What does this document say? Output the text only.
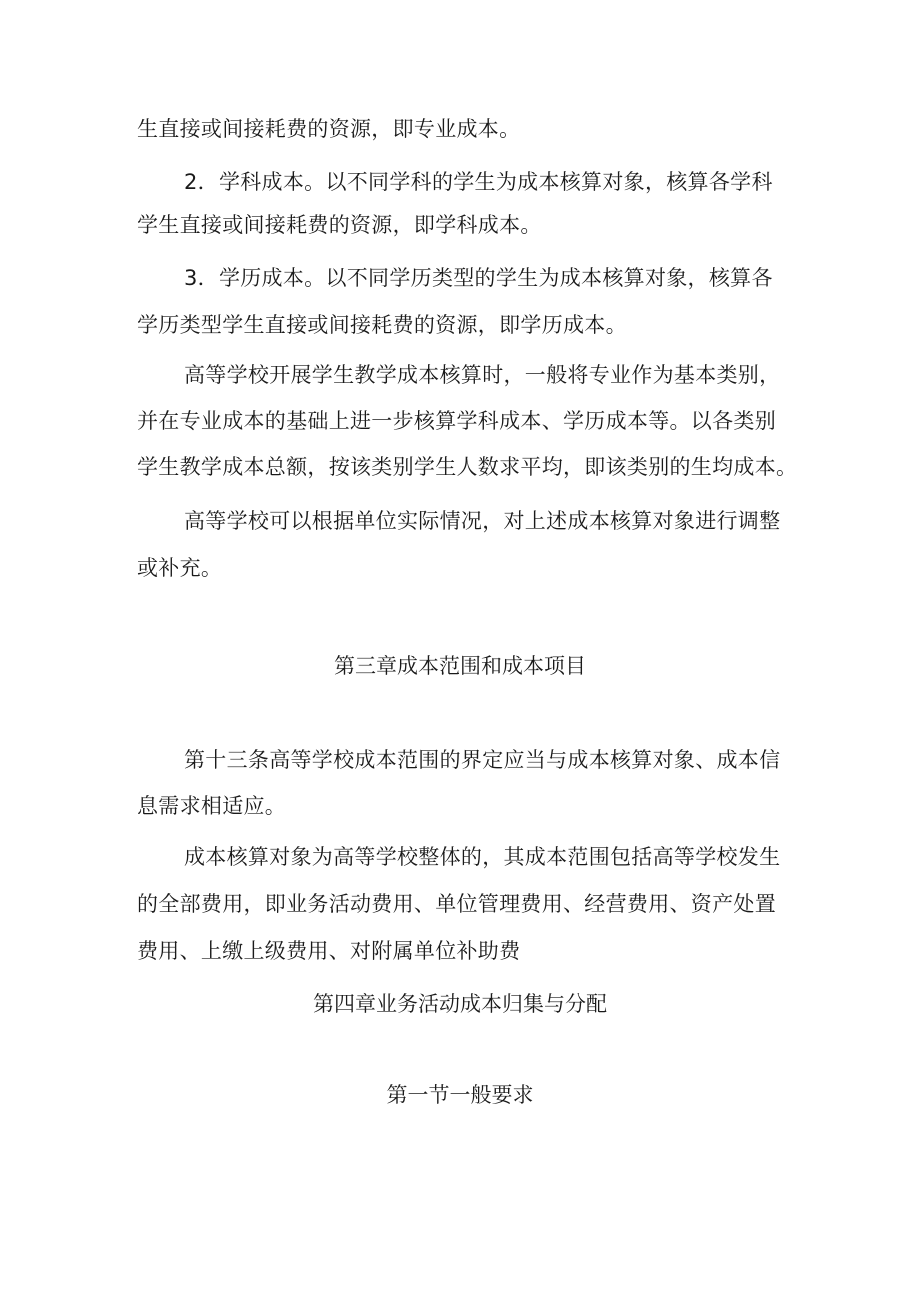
生直接或间接耗费的资源，即专业成本。
2．学科成本。以不同学科的学生为成本核算对象，核算各学科
学生直接或间接耗费的资源，即学科成本。
3．学历成本。以不同学历类型的学生为成本核算对象，核算各
学历类型学生直接或间接耗费的资源，即学历成本。
高等学校开展学生教学成本核算时，一般将专业作为基本类别，
并在专业成本的基础上进一步核算学科成本、学历成本等。以各类别
学生教学成本总额，按该类别学生人数求平均，即该类别的生均成本。
高等学校可以根据单位实际情况，对上述成本核算对象进行调整
或补充。
第三章成本范围和成本项目
第十三条高等学校成本范围的界定应当与成本核算对象、成本信
息需求相适应。
成本核算对象为高等学校整体的，其成本范围包括高等学校发生
的全部费用，即业务活动费用、单位管理费用、经营费用、资产处置
费用、上缴上级费用、对附属单位补助费
第四章业务活动成本归集与分配
第一节一般要求
